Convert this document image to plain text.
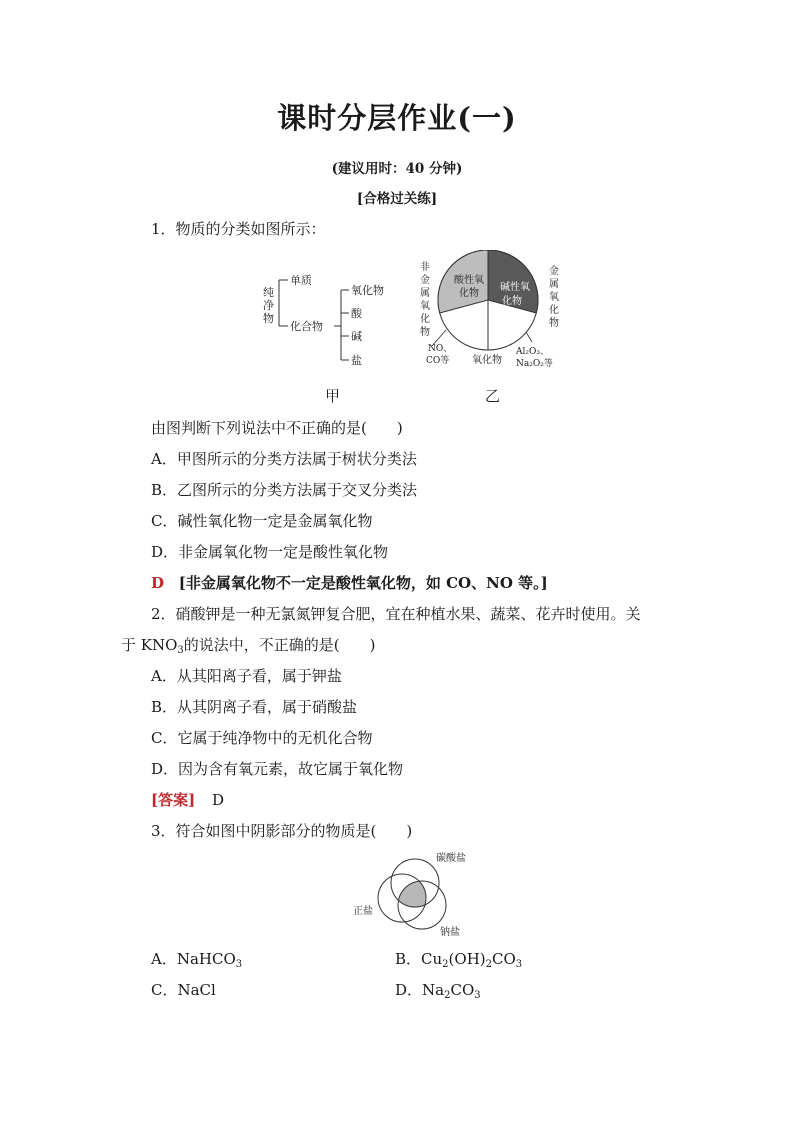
课时分层作业(一)
(建议用时：40 分钟)
[合格过关练]
1．物质的分类如图所示：
纯
净
物
单质
化合物
氧化物
酸
碱
盐
甲
酸性氧
化物
碱性氧
化物
非
金
属
氧
化
物
金
属
氧
化
物
NO、
CO等 氧化物
Al₂O₃、
Na₂O₂等
乙
由图判断下列说法中不正确的是(　　)
A．甲图所示的分类方法属于树状分类法
B．乙图所示的分类方法属于交叉分类法
C．碱性氧化物一定是金属氧化物
D．非金属氧化物一定是酸性氧化物
D [非金属氧化物不一定是酸性氧化物，如 CO、NO 等。]
2．硝酸钾是一种无氯氮钾复合肥，宜在种植水果、蔬菜、花卉时使用。关
于 $KNO_3$的说法中，不正确的是(　　)
A．从其阳离子看，属于钾盐
B．从其阴离子看，属于硝酸盐
C．它属于纯净物中的无机化合物
D．因为含有氧元素，故它属于氧化物
[答案] D
3．符合如图中阴影部分的物质是(　　)
碳酸盐
正盐
钠盐
A．NaHCO$_3$	B．$Cu_2(OH)_2CO_3$
C．NaCl	D．$Na_2CO_3$
